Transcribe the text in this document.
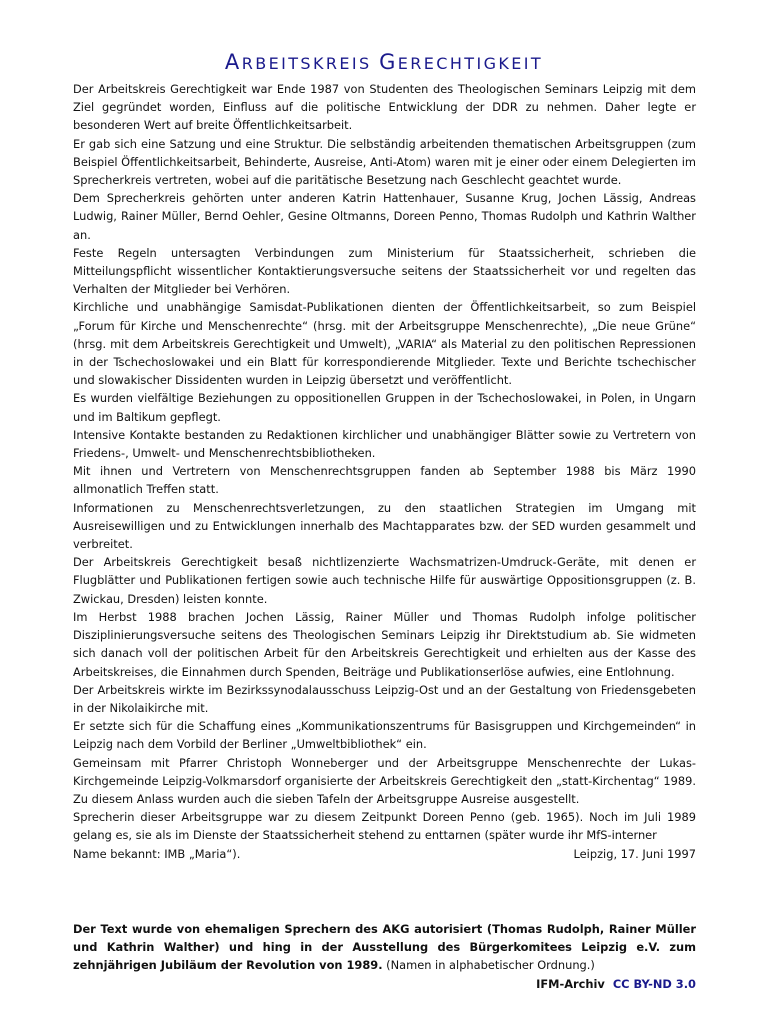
ARBEITSKREIS GERECHTIGKEIT

Der Arbeitskreis Gerechtigkeit war Ende 1987 von Studenten des Theologischen Seminars Leipzig mit dem Ziel gegründet worden, Einfluss auf die politische Entwicklung der DDR zu nehmen. Daher legte er besonderen Wert auf breite Öffentlichkeitsarbeit.

Er gab sich eine Satzung und eine Struktur. Die selbständig arbeitenden thematischen Arbeitsgruppen (zum Beispiel Öffentlichkeitsarbeit, Behinderte, Ausreise, Anti-Atom) waren mit je einer oder einem Delegierten im Sprecherkreis vertreten, wobei auf die paritätische Besetzung nach Geschlecht geachtet wurde.

Dem Sprecherkreis gehörten unter anderen Katrin Hattenhauer, Susanne Krug, Jochen Lässig, Andreas Ludwig, Rainer Müller, Bernd Oehler, Gesine Oltmanns, Doreen Penno, Thomas Rudolph und Kathrin Walther an.

Feste Regeln untersagten Verbindungen zum Ministerium für Staatssicherheit, schrieben die Mitteilungspflicht wissentlicher Kontaktierungsversuche seitens der Staatssicherheit vor und regelten das Verhalten der Mitglieder bei Verhören.

Kirchliche und unabhängige Samisdat-Publikationen dienten der Öffentlichkeitsarbeit, so zum Beispiel „Forum für Kirche und Menschenrechte“ (hrsg. mit der Arbeitsgruppe Menschenrechte), „Die neue Grüne“ (hrsg. mit dem Arbeitskreis Gerechtigkeit und Umwelt), „VARIA“ als Material zu den politischen Repressionen in der Tschechoslowakei und ein Blatt für korrespondierende Mitglieder. Texte und Berichte tschechischer und slowakischer Dissidenten wurden in Leipzig übersetzt und veröffentlicht.

Es wurden vielfältige Beziehungen zu oppositionellen Gruppen in der Tschechoslowakei, in Polen, in Ungarn und im Baltikum gepflegt.

Intensive Kontakte bestanden zu Redaktionen kirchlicher und unabhängiger Blätter sowie zu Vertretern von Friedens-, Umwelt- und Menschenrechtsbibliotheken.

Mit ihnen und Vertretern von Menschenrechtsgruppen fanden ab September 1988 bis März 1990 allmonatlich Treffen statt.

Informationen zu Menschenrechtsverletzungen, zu den staatlichen Strategien im Umgang mit Ausreisewilligen und zu Entwicklungen innerhalb des Machtapparates bzw. der SED wurden gesammelt und verbreitet.

Der Arbeitskreis Gerechtigkeit besaß nichtlizenzierte Wachsmatrizen-Umdruck-Geräte, mit denen er Flugblätter und Publikationen fertigen sowie auch technische Hilfe für auswärtige Oppositionsgruppen (z. B. Zwickau, Dresden) leisten konnte.

Im Herbst 1988 brachen Jochen Lässig, Rainer Müller und Thomas Rudolph infolge politischer Disziplinierungsversuche seitens des Theologischen Seminars Leipzig ihr Direktstudium ab. Sie widmeten sich danach voll der politischen Arbeit für den Arbeitskreis Gerechtigkeit und erhielten aus der Kasse des Arbeitskreises, die Einnahmen durch Spenden, Beiträge und Publikationserlöse aufwies, eine Entlohnung.

Der Arbeitskreis wirkte im Bezirkssynodalausschuss Leipzig-Ost und an der Gestaltung von Friedensgebeten in der Nikolaikirche mit.

Er setzte sich für die Schaffung eines „Kommunikationszentrums für Basisgruppen und Kirchgemeinden“ in Leipzig nach dem Vorbild der Berliner „Umweltbibliothek“ ein.

Gemeinsam mit Pfarrer Christoph Wonneberger und der Arbeitsgruppe Menschenrechte der Lukas-Kirchgemeinde Leipzig-Volkmarsdorf organisierte der Arbeitskreis Gerechtigkeit den „statt-Kirchentag“ 1989. Zu diesem Anlass wurden auch die sieben Tafeln der Arbeitsgruppe Ausreise ausgestellt.

Sprecherin dieser Arbeitsgruppe war zu diesem Zeitpunkt Doreen Penno (geb. 1965). Noch im Juli 1989 gelang es, sie als im Dienste der Staatssicherheit stehend zu enttarnen (später wurde ihr MfS-interner

Name bekannt: IMB „Maria“).	Leipzig, 17. Juni 1997
Der Text wurde von ehemaligen Sprechern des AKG autorisiert (Thomas Rudolph, Rainer Müller und Kathrin Walther) und hing in der Ausstellung des Bürgerkomitees Leipzig e.V. zum zehnjährigen Jubiläum der Revolution von 1989. (Namen in alphabetischer Ordnung.)
IFM-Archiv CC BY-ND 3.0
